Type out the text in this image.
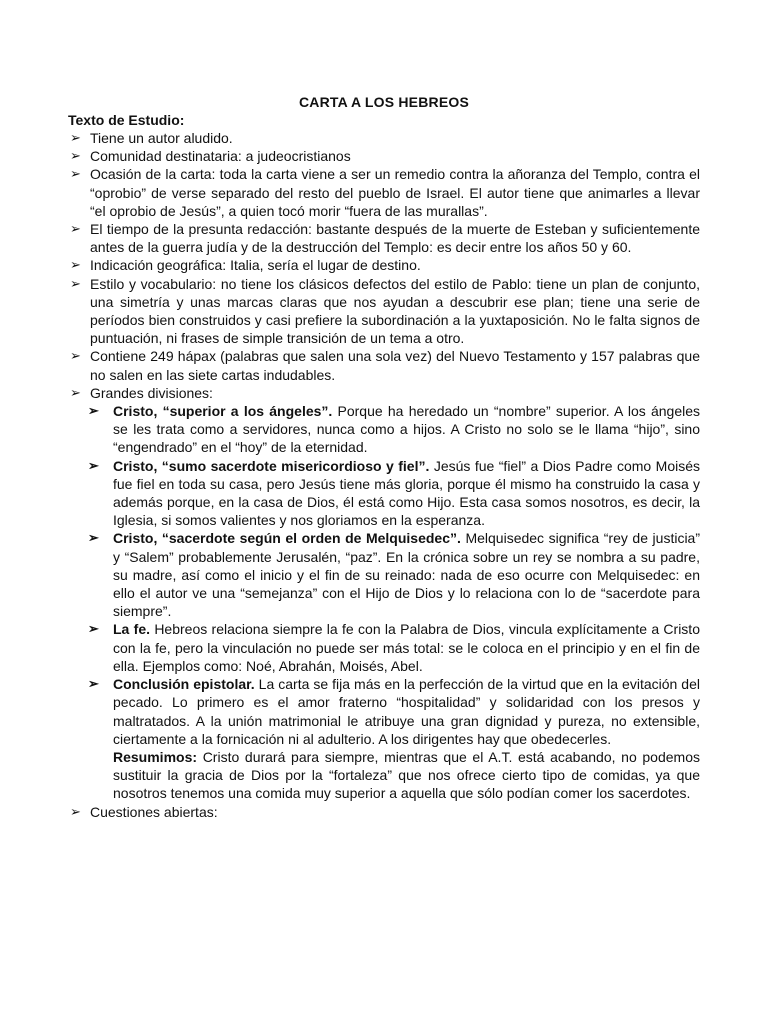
CARTA A LOS HEBREOS
Texto de Estudio:
➢ Tiene un autor aludido.
➢ Comunidad destinataria: a judeocristianos
➢ Ocasión de la carta: toda la carta viene a ser un remedio contra la añoranza del Templo, contra el “oprobio” de verse separado del resto del pueblo de Israel. El autor tiene que animarles a llevar “el oprobio de Jesús”, a quien tocó morir “fuera de las murallas”.
➢ El tiempo de la presunta redacción: bastante después de la muerte de Esteban y suficientemente antes de la guerra judía y de la destrucción del Templo: es decir entre los años 50 y 60.
➢ Indicación geográfica: Italia, sería el lugar de destino.
➢ Estilo y vocabulario: no tiene los clásicos defectos del estilo de Pablo: tiene un plan de conjunto, una simetría y unas marcas claras que nos ayudan a descubrir ese plan; tiene una serie de períodos bien construidos y casi prefiere la subordinación a la yuxtaposición. No le falta signos de puntuación, ni frases de simple transición de un tema a otro.
➢ Contiene 249 hápax (palabras que salen una sola vez) del Nuevo Testamento y 157 palabras que no salen en las siete cartas indudables.
➢ Grandes divisiones:
➢ Cristo, “superior a los ángeles”. Porque ha heredado un “nombre” superior. A los ángeles se les trata como a servidores, nunca como a hijos. A Cristo no solo se le llama “hijo”, sino “engendrado” en el “hoy” de la eternidad.
➢ Cristo, “sumo sacerdote misericordioso y fiel”. Jesús fue “fiel” a Dios Padre como Moisés fue fiel en toda su casa, pero Jesús tiene más gloria, porque él mismo ha construido la casa y además porque, en la casa de Dios, él está como Hijo. Esta casa somos nosotros, es decir, la Iglesia, si somos valientes y nos gloriamos en la esperanza.
➢ Cristo, “sacerdote según el orden de Melquisedec”. Melquisedec significa “rey de justicia” y “Salem” probablemente Jerusalén, “paz”. En la crónica sobre un rey se nombra a su padre, su madre, así como el inicio y el fin de su reinado: nada de eso ocurre con Melquisedec: en ello el autor ve una “semejanza” con el Hijo de Dios y lo relaciona con lo de “sacerdote para siempre”.
➢ La fe. Hebreos relaciona siempre la fe con la Palabra de Dios, vincula explícitamente a Cristo con la fe, pero la vinculación no puede ser más total: se le coloca en el principio y en el fin de ella. Ejemplos como: Noé, Abrahán, Moisés, Abel.
➢ Conclusión epistolar. La carta se fija más en la perfección de la virtud que en la evitación del pecado. Lo primero es el amor fraterno “hospitalidad” y solidaridad con los presos y maltratados. A la unión matrimonial le atribuye una gran dignidad y pureza, no extensible, ciertamente a la fornicación ni al adulterio. A los dirigentes hay que obedecerles.
Resumimos: Cristo durará para siempre, mientras que el A.T. está acabando, no podemos sustituir la gracia de Dios por la “fortaleza” que nos ofrece cierto tipo de comidas, ya que nosotros tenemos una comida muy superior a aquella que sólo podían comer los sacerdotes.
➢ Cuestiones abiertas:
